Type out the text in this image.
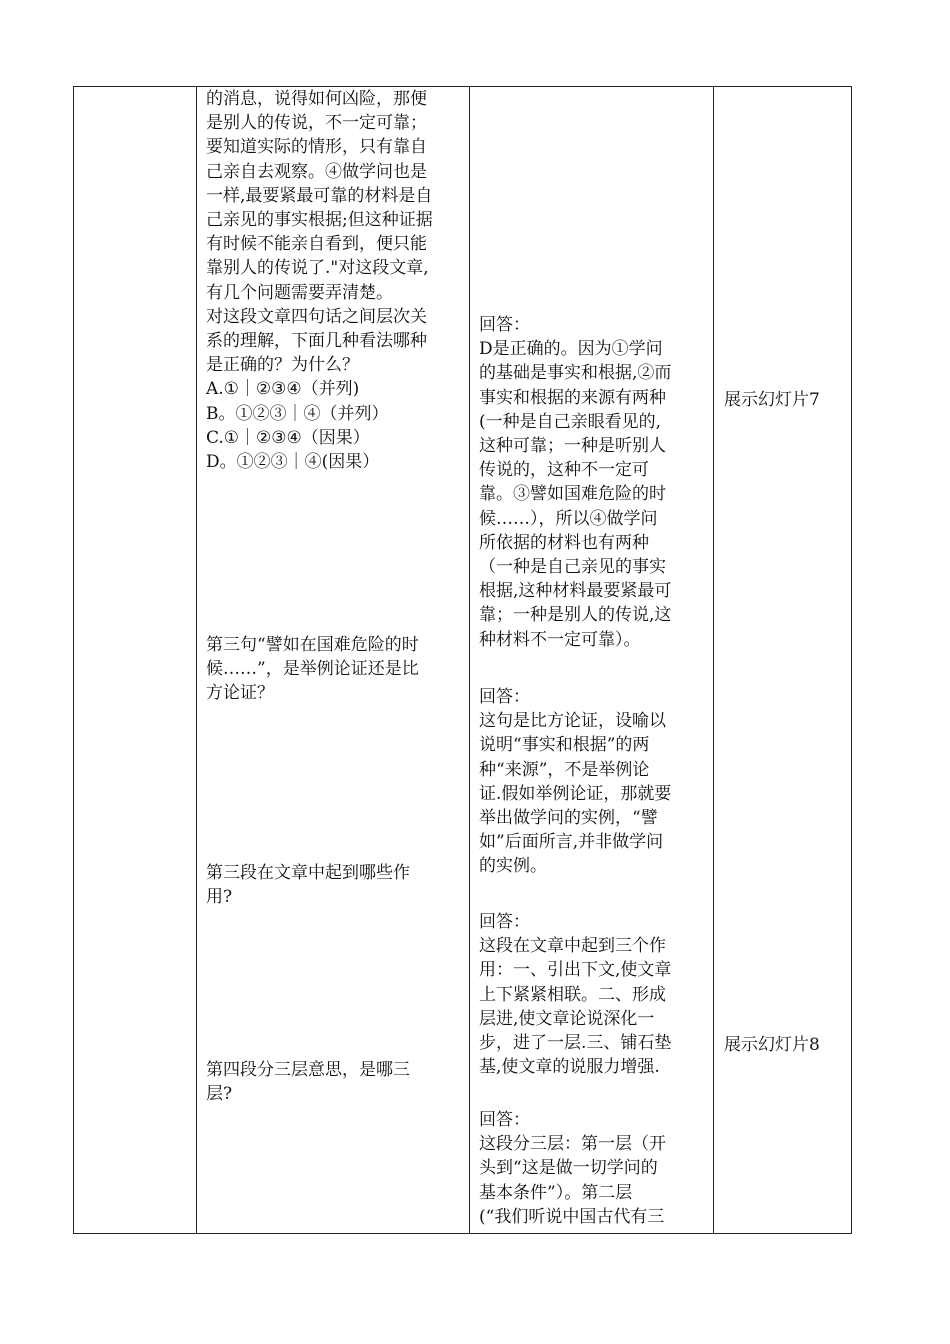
的消息，说得如何凶险，那便

是别人的传说，不一定可靠；

要知道实际的情形，只有靠自

己亲自去观察。④做学问也是

一样,最要紧最可靠的材料是自

己亲见的事实根据;但这种证据

有时候不能亲自看到，便只能

靠别人的传说了."对这段文章,

有几个问题需要弄清楚。

对这段文章四句话之间层次关

系的理解，下面几种看法哪种

是正确的？为什么？

A.①｜②③④（并列)

B。①②③｜④（并列）

C.①｜②③④（因果）

D。①②③｜④(因果）

第三句“譬如在国难危险的时

候……”，是举例论证还是比

方论证？

第三段在文章中起到哪些作

用?

第四段分三层意思，是哪三

层?

回答：

D是正确的。因为①学问

的基础是事实和根据,②而

事实和根据的来源有两种

(一种是自己亲眼看见的,

这种可靠；一种是听别人

传说的，这种不一定可

靠。③譬如国难危险的时

候……），所以④做学问

所依据的材料也有两种

（一种是自己亲见的事实

根据,这种材料最要紧最可

靠；一种是别人的传说,这

种材料不一定可靠）。

回答：

这句是比方论证，设喻以

说明“事实和根据”的两

种“来源”，不是举例论

证.假如举例论证，那就要

举出做学问的实例，“譬

如”后面所言,并非做学问

的实例。

回答：

这段在文章中起到三个作

用：一、引出下文,使文章

上下紧紧相联。二、形成

层进,使文章论说深化一

步，进了一层.三、铺石垫

基,使文章的说服力增强.

回答：

这段分三层：第一层（开

头到“这是做一切学问的

基本条件”）。第二层

(“我们听说中国古代有三

展示幻灯片7

展示幻灯片8
